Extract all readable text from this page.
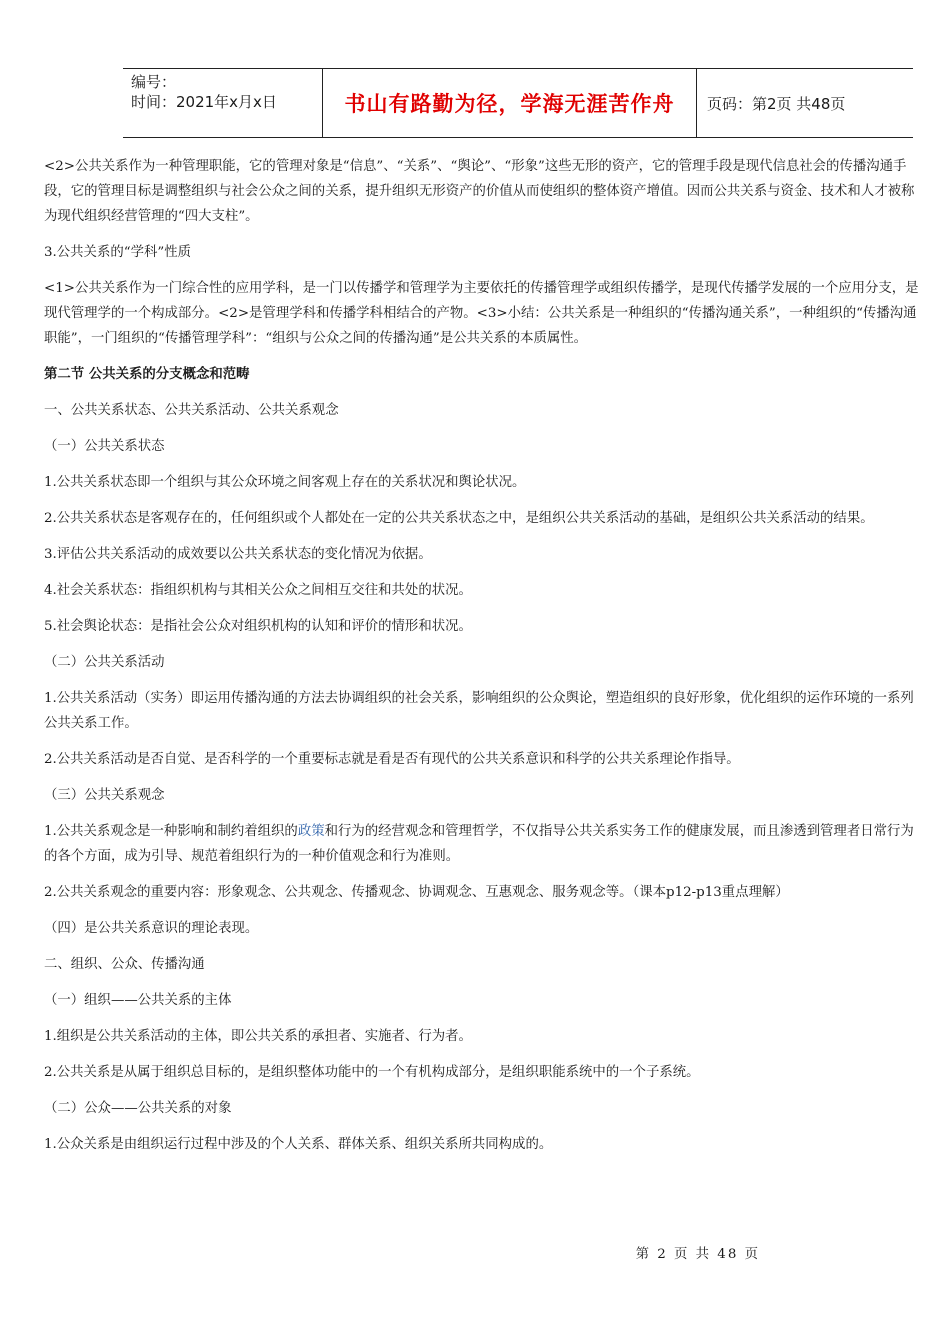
编号：
时间：2021年x月x日	书山有路勤为径，学海无涯苦作舟	页码：第2页 共48页

<2>公共关系作为一种管理职能，它的管理对象是“信息”、“关系”、“舆论”、“形象”这些无形的资产，它的管理手段是现代信息社会的传播沟通手段，它的管理目标是调整组织与社会公众之间的关系，提升组织无形资产的价值从而使组织的整体资产增值。因而公共关系与资金、技术和人才被称为现代组织经营管理的“四大支柱”。

3.公共关系的“学科”性质

<1>公共关系作为一门综合性的应用学科，是一门以传播学和管理学为主要依托的传播管理学或组织传播学，是现代传播学发展的一个应用分支，是现代管理学的一个构成部分。<2>是管理学科和传播学科相结合的产物。<3>小结：公共关系是一种组织的“传播沟通关系”，一种组织的“传播沟通职能”，一门组织的“传播管理学科”：“组织与公众之间的传播沟通”是公共关系的本质属性。

第二节 公共关系的分支概念和范畴

一、公共关系状态、公共关系活动、公共关系观念

（一）公共关系状态

1.公共关系状态即一个组织与其公众环境之间客观上存在的关系状况和舆论状况。

2.公共关系状态是客观存在的，任何组织或个人都处在一定的公共关系状态之中，是组织公共关系活动的基础，是组织公共关系活动的结果。

3.评估公共关系活动的成效要以公共关系状态的变化情况为依据。

4.社会关系状态：指组织机构与其相关公众之间相互交往和共处的状况。

5.社会舆论状态：是指社会公众对组织机构的认知和评价的情形和状况。

（二）公共关系活动

1.公共关系活动（实务）即运用传播沟通的方法去协调组织的社会关系，影响组织的公众舆论，塑造组织的良好形象，优化组织的运作环境的一系列公共关系工作。

2.公共关系活动是否自觉、是否科学的一个重要标志就是看是否有现代的公共关系意识和科学的公共关系理论作指导。

（三）公共关系观念

1.公共关系观念是一种影响和制约着组织的政策和行为的经营观念和管理哲学，不仅指导公共关系实务工作的健康发展，而且渗透到管理者日常行为的各个方面，成为引导、规范着组织行为的一种价值观念和行为准则。

2.公共关系观念的重要内容：形象观念、公共观念、传播观念、协调观念、互惠观念、服务观念等。（课本p12-p13重点理解）

（四）是公共关系意识的理论表现。

二、组织、公众、传播沟通

（一）组织——公共关系的主体

1.组织是公共关系活动的主体，即公共关系的承担者、实施者、行为者。

2.公共关系是从属于组织总目标的，是组织整体功能中的一个有机构成部分，是组织职能系统中的一个子系统。

（二）公众——公共关系的对象

1.公众关系是由组织运行过程中涉及的个人关系、群体关系、组织关系所共同构成的。

第 2 页 共 48 页
